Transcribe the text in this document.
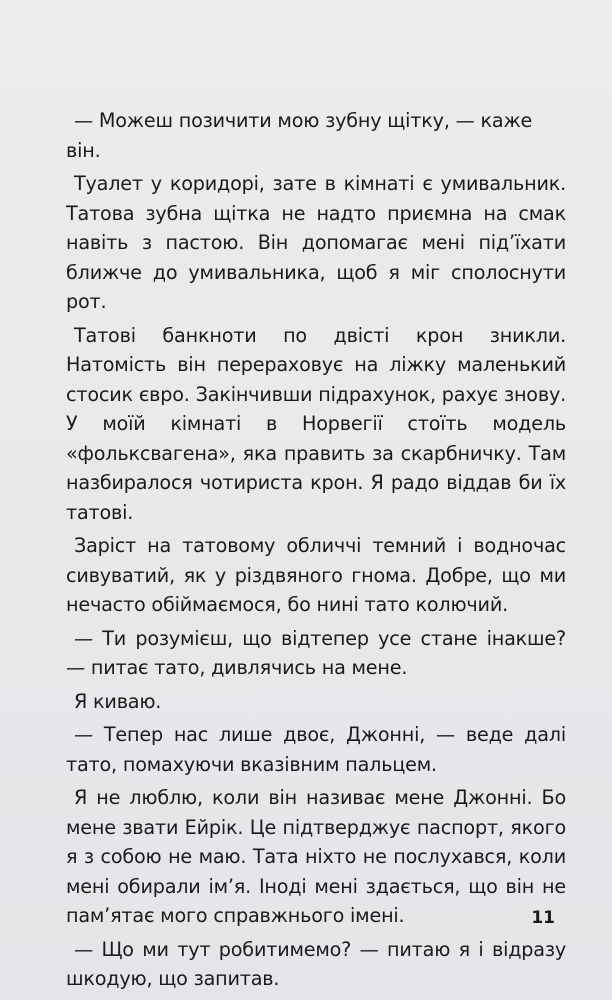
— Можеш позичити мою зубну щітку, — каже він.

Туалет у коридорі, зате в кімнаті є умивальник. Татова зубна щітка не надто приємна на смак навіть з пастою. Він допомагає мені під’їхати ближче до умивальника, щоб я міг сполоснути рот.

Татові банкноти по двісті крон зникли. Натомість він перераховує на ліжку маленький стосик євро. Закінчивши підрахунок, рахує знову. У моїй кімнаті в Норвегії стоїть модель «фольксвагена», яка править за скарбничку. Там назбиралося чотириста крон. Я радо віддав би їх татові.

Заріст на татовому обличчі темний і водночас сивуватий, як у різдвяного гнома. Добре, що ми нечасто обіймаємося, бо нині тато колючий.

— Ти розумієш, що відтепер усе стане інакше? — питає тато, дивлячись на мене.

Я киваю.

— Тепер нас лише двоє, Джонні, — веде далі тато, помахуючи вказівним пальцем.

Я не люблю, коли він називає мене Джонні. Бо мене звати Ейрік. Це підтверджує паспорт, якого я з собою не маю. Тата ніхто не послухався, коли мені обирали ім’я. Іноді мені здається, що він не пам’ятає мого справжнього імені.

— Що ми тут робитимемо? — питаю я і відразу шкодую, що запитав.

11
